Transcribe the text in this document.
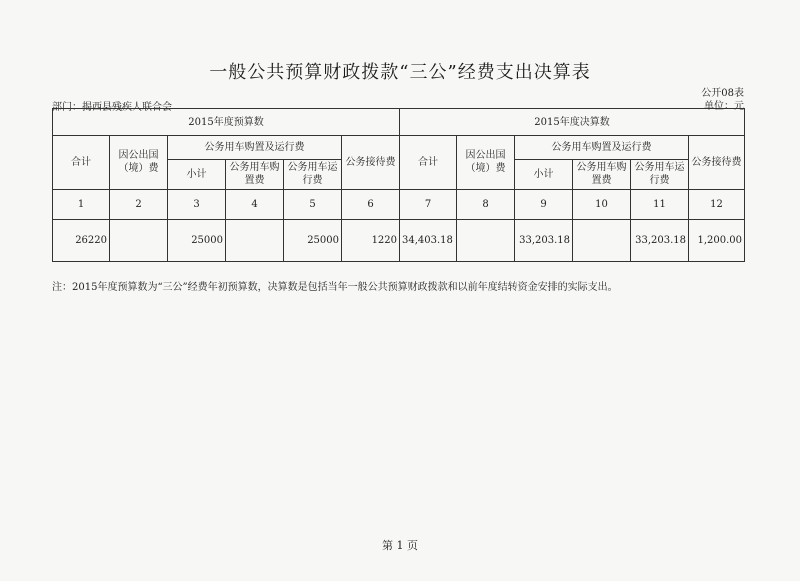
一般公共预算财政拨款“三公”经费支出决算表
公开08表
部门：揭西县残疾人联合会	单位：元
2015年度预算数						2015年度决算数					
合计	因公出国（境）费	公务用车购置及运行费			公务接待费	合计	因公出国（境）费	公务用车购置及运行费			公务接待费
		小计	公务用车购置费	公务用车运行费				小计	公务用车购置费	公务用车运行费	
1	2	3	4	5	6	7	8	9	10	11	12
26220		25000		25000	1220	34,403.18		33,203.18		33,203.18	1,200.00
注：2015年度预算数为“三公”经费年初预算数，决算数是包括当年一般公共预算财政拨款和以前年度结转资金安排的实际支出。
第 1 页
